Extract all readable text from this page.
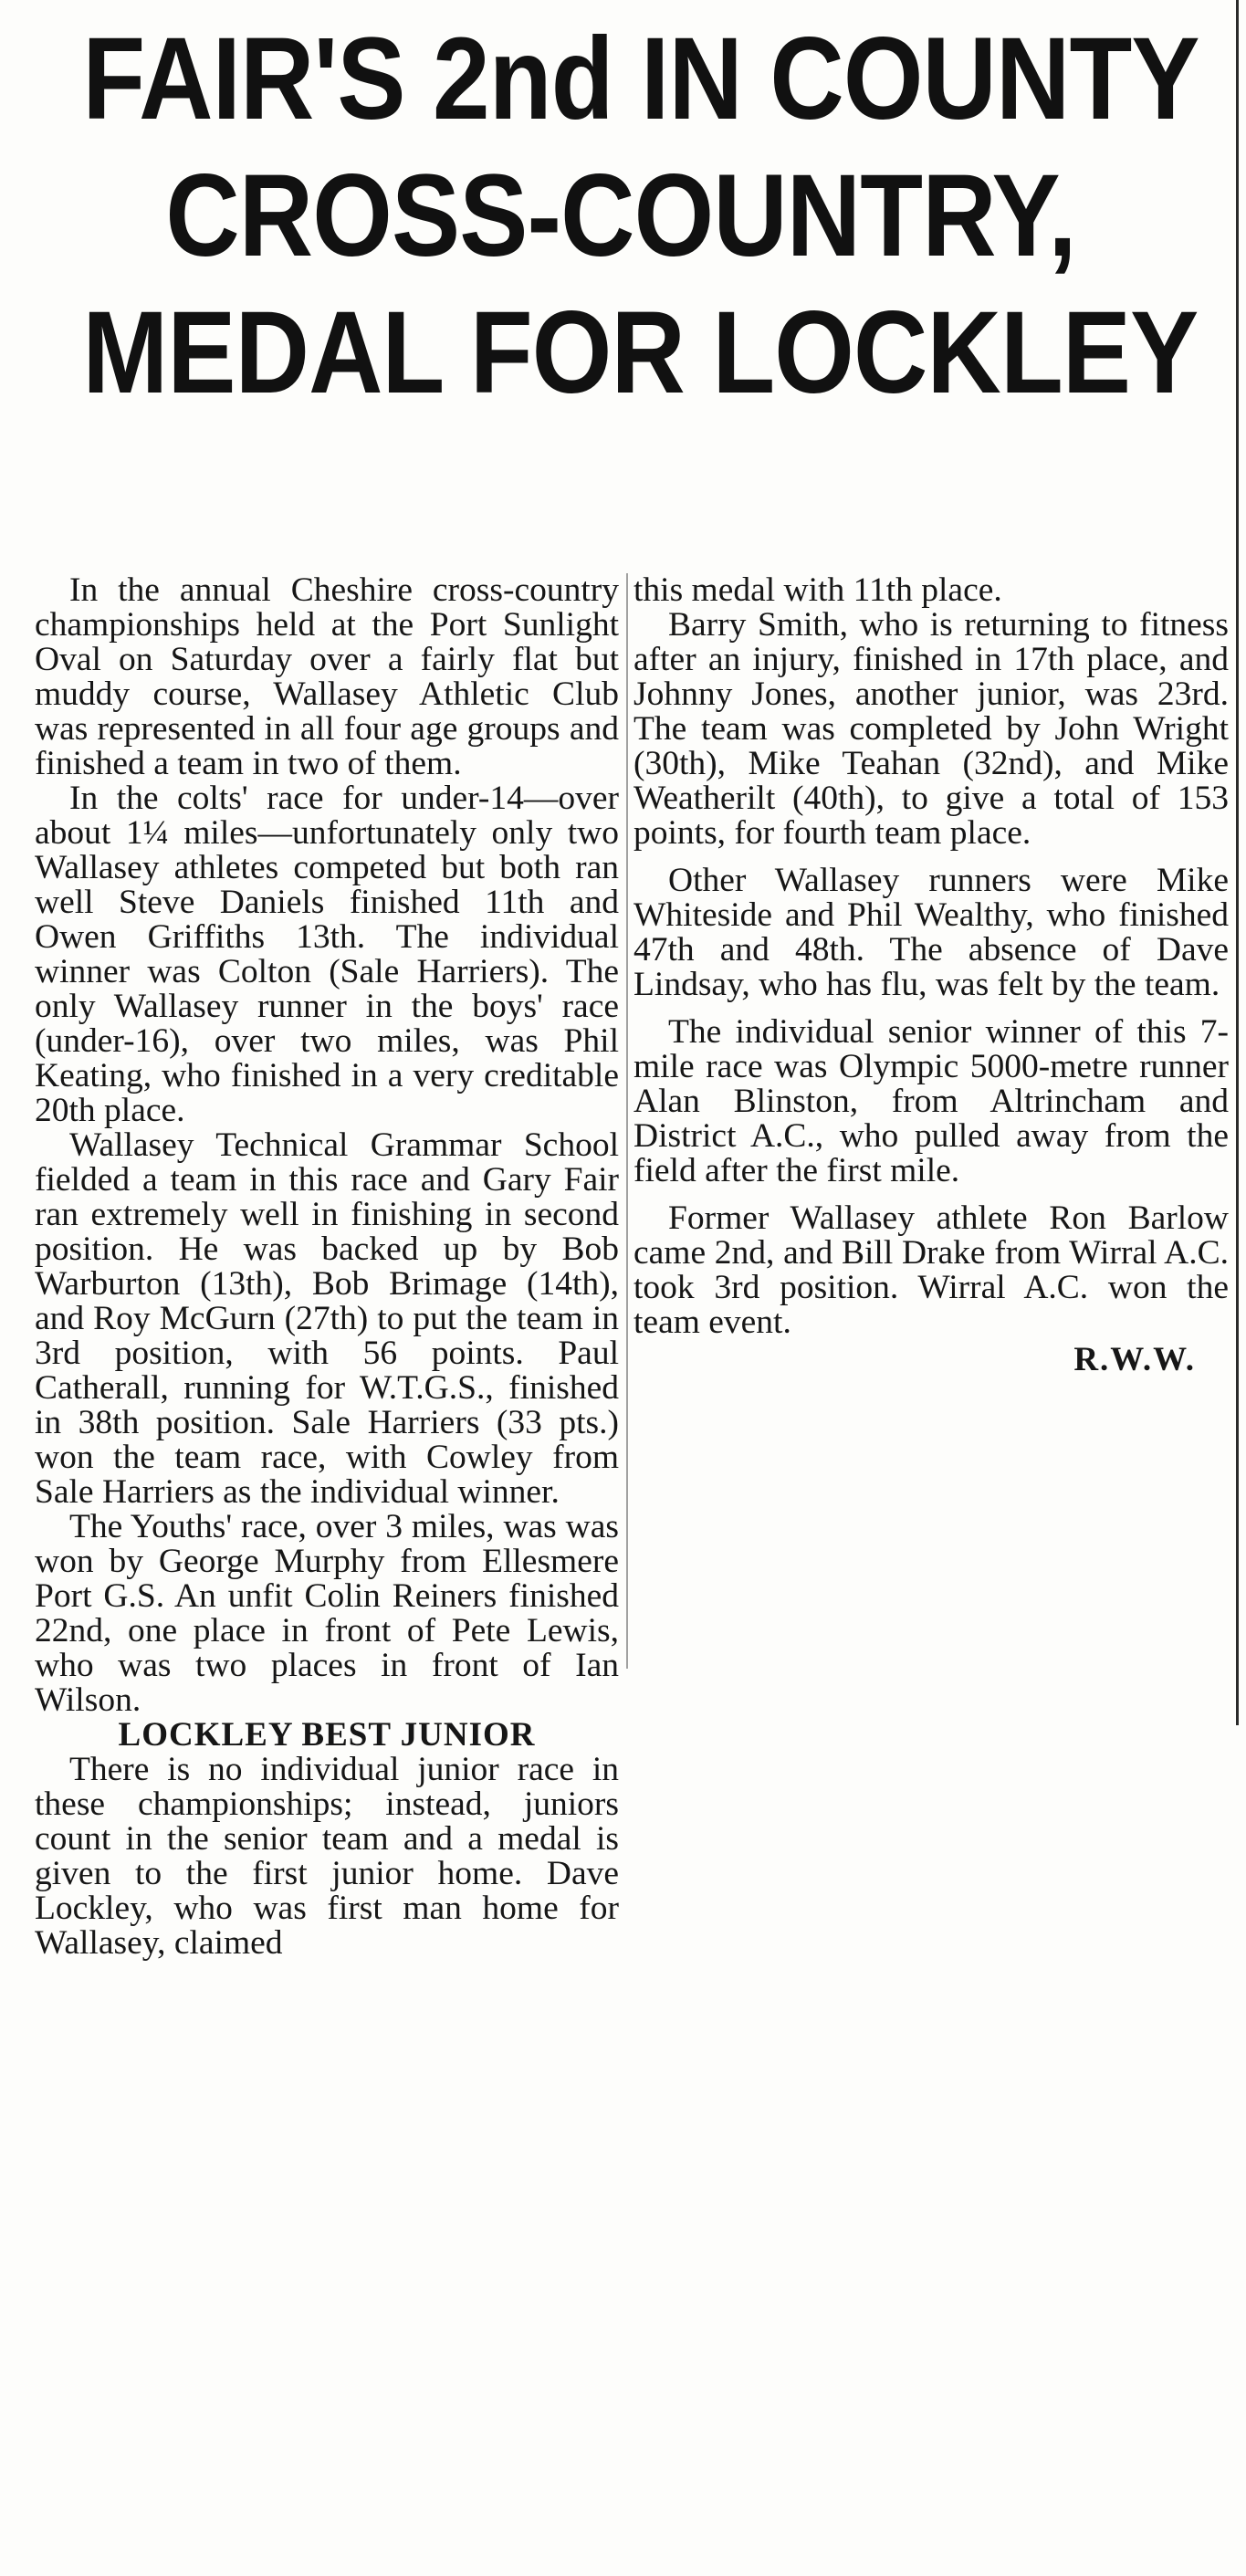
FAIR'S 2nd IN COUNTY
CROSS-COUNTRY,
MEDAL FOR LOCKLEY

In the annual Cheshire cross-country championships held at the Port Sunlight Oval on Saturday over a fairly flat but muddy course, Wallasey Athletic Club was represented in all four age groups and finished a team in two of them.

In the colts' race for under-14—over about 1¼ miles—unfortunately only two Wallasey athletes competed but both ran well Steve Daniels finished 11th and Owen Griffiths 13th. The individual winner was Colton (Sale Harriers). The only Wallasey runner in the boys' race (under-16), over two miles, was Phil Keating, who finished in a very creditable 20th place.

Wallasey Technical Grammar School fielded a team in this race and Gary Fair ran extremely well in finishing in second position. He was backed up by Bob Warburton (13th), Bob Brimage (14th), and Roy McGurn (27th) to put the team in 3rd position, with 56 points. Paul Catherall, running for W.T.G.S., finished in 38th position. Sale Harriers (33 pts.) won the team race, with Cowley from Sale Harriers as the individual winner.

The Youths' race, over 3 miles, was was won by George Murphy from Ellesmere Port G.S. An unfit Colin Reiners finished 22nd, one place in front of Pete Lewis, who was two places in front of Ian Wilson.

LOCKLEY BEST JUNIOR

There is no individual junior race in these championships; instead, juniors count in the senior team and a medal is given to the first junior home. Dave Lockley, who was first man home for Wallasey, claimed

this medal with 11th place.

Barry Smith, who is returning to fitness after an injury, finished in 17th place, and Johnny Jones, another junior, was 23rd. The team was completed by John Wright (30th), Mike Teahan (32nd), and Mike Weatherilt (40th), to give a total of 153 points, for fourth team place.

Other Wallasey runners were Mike Whiteside and Phil Wealthy, who finished 47th and 48th. The absence of Dave Lindsay, who has flu, was felt by the team.

The individual senior winner of this 7-mile race was Olympic 5000-metre runner Alan Blinston, from Altrincham and District A.C., who pulled away from the field after the first mile.

Former Wallasey athlete Ron Barlow came 2nd, and Bill Drake from Wirral A.C. took 3rd position. Wirral A.C. won the team event.

R.W.W.
